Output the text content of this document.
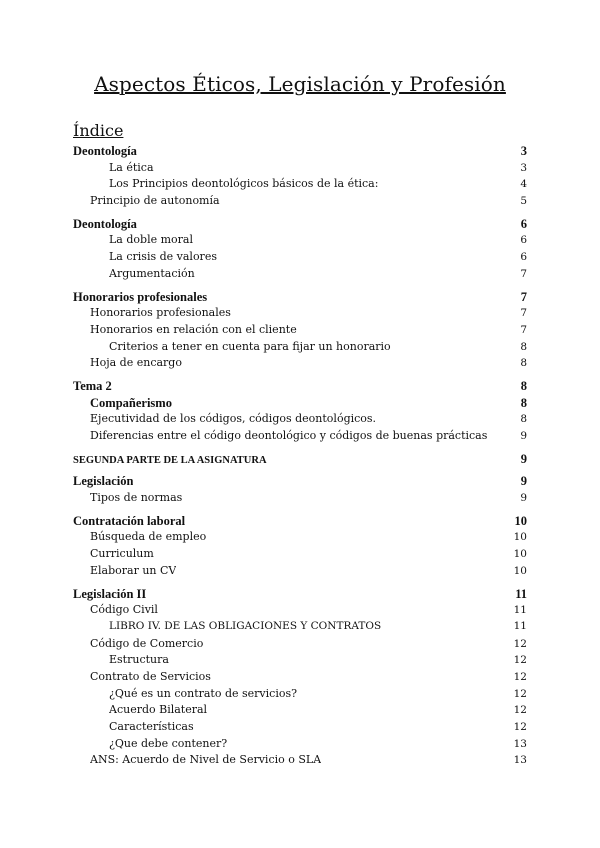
Aspectos Éticos, Legislación y Profesión
Índice
Deontología	3
La ética	3
Los Principios deontológicos básicos de la ética:	4
Principio de autonomía	5
Deontología	6
La doble moral	6
La crisis de valores	6
Argumentación	7
Honorarios profesionales	7
Honorarios profesionales	7
Honorarios en relación con el cliente	7
Criterios a tener en cuenta para fijar un honorario	8
Hoja de encargo	8
Tema 2	8
Compañerismo	8
Ejecutividad de los códigos, códigos deontológicos.	8
Diferencias entre el código deontológico y códigos de buenas prácticas	9
SEGUNDA PARTE DE LA ASIGNATURA	9
Legislación	9
Tipos de normas	9
Contratación laboral	10
Búsqueda de empleo	10
Curriculum	10
Elaborar un CV	10
Legislación II	11
Código Civil	11
LIBRO IV. DE LAS OBLIGACIONES Y CONTRATOS	11
Código de Comercio	12
Estructura	12
Contrato de Servicios	12
¿Qué es un contrato de servicios?	12
Acuerdo Bilateral	12
Características	12
¿Que debe contener?	13
ANS: Acuerdo de Nivel de Servicio o SLA	13
